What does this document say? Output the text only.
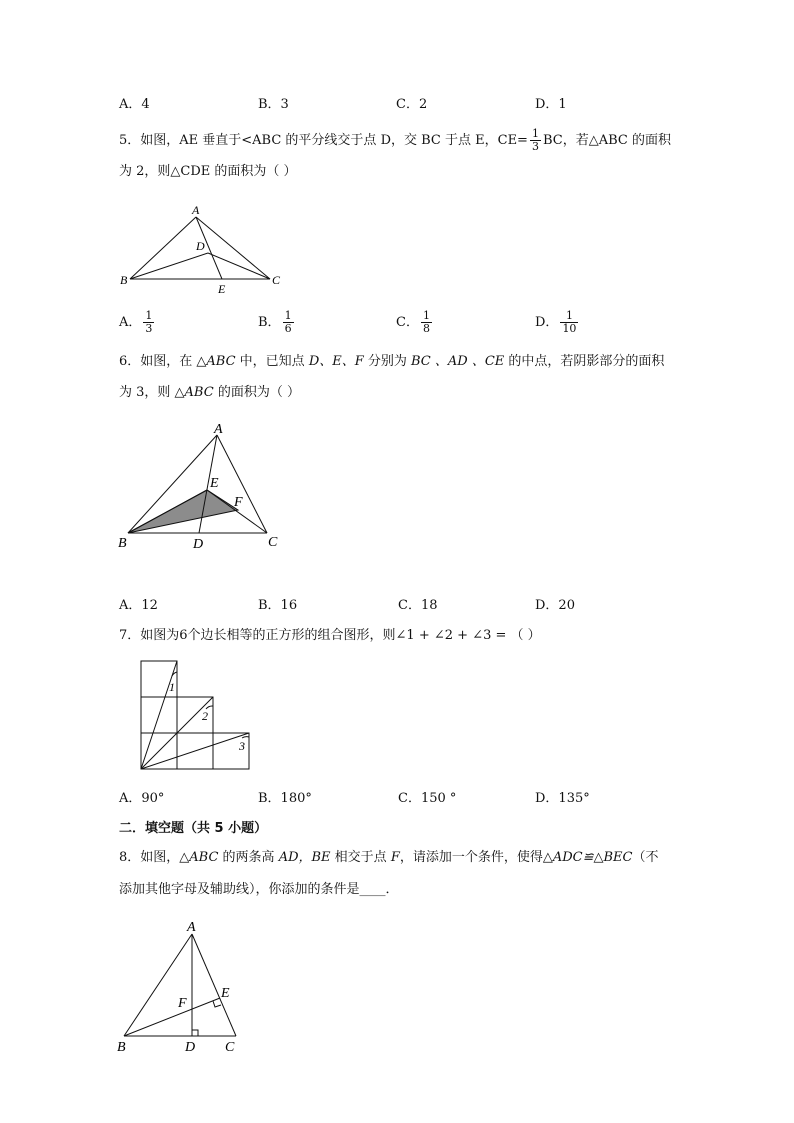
A．4	B．3	C．2	D．1
5．如图，AE 垂直于<ABC 的平分线交于点 D，交 BC 于点 E，$CE= \frac{1}{3}$ BC，若△ABC 的面积
为 2，则△CDE 的面积为（ ）
A
D
B	C
E
A． $\frac{1}{3}$	B． $\frac{1}{6}$	C． $\frac{1}{8}$	D． $\frac{1}{10}$
6．如图，在 △ABC 中，已知点 D、E、F 分别为 BC 、AD 、CE 的中点，若阴影部分的面积
为 3，则 △ABC 的面积为（ ）
A
E
F
B	D	C
A．12	B．16	C．18	D．20
7．如图为6个边长相等的正方形的组合图形，则∠1 + ∠2 + ∠3 = （ ）
1
2
3
A．90°	B．180°	C．150 °	D．135°
二．填空题（共 5 小题）
8．如图，△ABC 的两条高 AD，BE 相交于点 F，请添加一个条件，使得△ADC≌△BEC（不
添加其他字母及辅助线），你添加的条件是____．
A
F
E
B	D C
